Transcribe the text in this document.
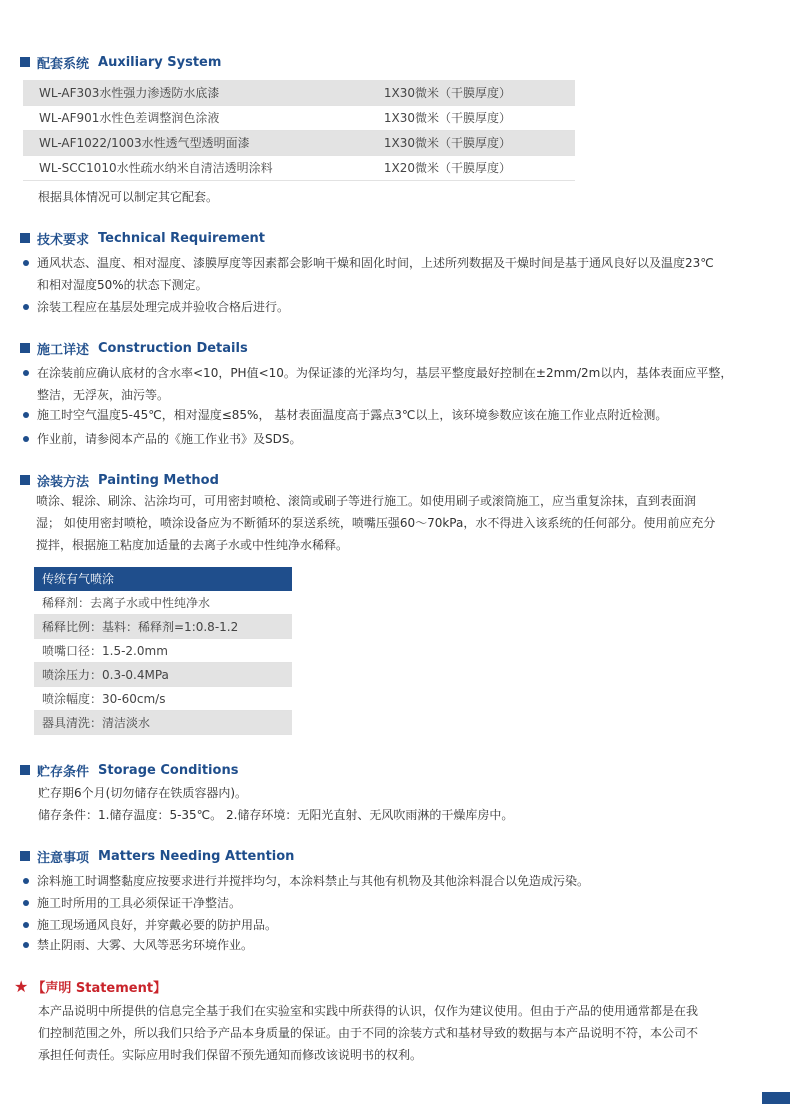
配套系统 Auxiliary System
WL-AF303水性强力渗透防水底漆	1X30微米（干膜厚度）
WL-AF901水性色差调整润色涂液	1X30微米（干膜厚度）
WL-AF1022/1003水性透气型透明面漆	1X30微米（干膜厚度）
WL-SCC1010水性疏水纳米自清洁透明涂料	1X20微米（干膜厚度）
根据具体情况可以制定其它配套。
技术要求 Technical Requirement
通风状态、温度、相对湿度、漆膜厚度等因素都会影响干燥和固化时间，上述所列数据及干燥时间是基于通风良好以及温度23℃
和相对湿度50%的状态下测定。
涂装工程应在基层处理完成并验收合格后进行。
施工详述 Construction Details
在涂装前应确认底材的含水率<10，PH值<10。为保证漆的光泽均匀，基层平整度最好控制在±2mm/2m以内，基体表面应平整，
整洁，无浮灰，油污等。
施工时空气温度5-45℃，相对湿度≤85%， 基材表面温度高于露点3℃以上，该环境参数应该在施工作业点附近检测。
作业前，请参阅本产品的《施工作业书》及SDS。
涂装方法 Painting Method
喷涂、辊涂、刷涂、沾涂均可，可用密封喷枪、滚筒或刷子等进行施工。如使用刷子或滚筒施工，应当重复涂抹，直到表面润
湿； 如使用密封喷枪，喷涂设备应为不断循环的泵送系统，喷嘴压强60～70kPa，水不得进入该系统的任何部分。使用前应充分
搅拌，根据施工粘度加适量的去离子水或中性纯净水稀释。
传统有气喷涂
稀释剂：去离子水或中性纯净水
稀释比例：基料：稀释剂=1:0.8-1.2
喷嘴口径：1.5-2.0mm
喷涂压力：0.3-0.4MPa
喷涂幅度：30-60cm/s
器具清洗：清洁淡水
贮存条件 Storage Conditions
贮存期6个月(切勿储存在铁质容器内)。
储存条件：1.储存温度：5-35℃。 2.储存环境：无阳光直射、无风吹雨淋的干燥库房中。
注意事项 Matters Needing Attention
涂料施工时调整黏度应按要求进行并搅拌均匀，本涂料禁止与其他有机物及其他涂料混合以免造成污染。
施工时所用的工具必须保证干净整洁。
施工现场通风良好，并穿戴必要的防护用品。
禁止阴雨、大雾、大风等恶劣环境作业。
★ 【声明 Statement】
本产品说明中所提供的信息完全基于我们在实验室和实践中所获得的认识，仅作为建议使用。但由于产品的使用通常都是在我
们控制范围之外，所以我们只给予产品本身质量的保证。由于不同的涂装方式和基材导致的数据与本产品说明不符，本公司不
承担任何责任。实际应用时我们保留不预先通知而修改该说明书的权利。
